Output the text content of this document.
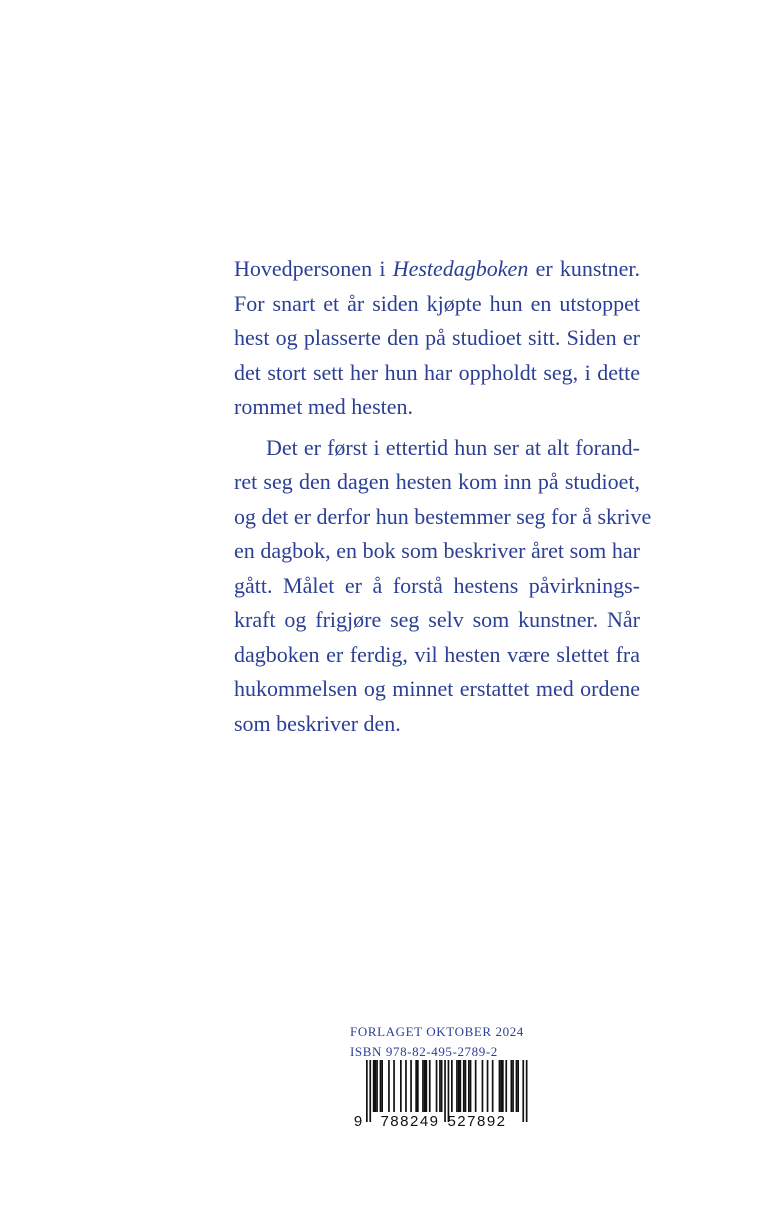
Hovedpersonen i Hestedagboken er kunstner.
For snart et år siden kjøpte hun en utstoppet
hest og plasserte den på studioet sitt. Siden er
det stort sett her hun har oppholdt seg, i dette
rommet med hesten.
Det er først i ettertid hun ser at alt forand-
ret seg den dagen hesten kom inn på studioet,
og det er derfor hun bestemmer seg for å skrive
en dagbok, en bok som beskriver året som har
gått. Målet er å forstå hestens påvirknings-
kraft og frigjøre seg selv som kunstner. Når
dagboken er ferdig, vil hesten være slettet fra
hukommelsen og minnet erstattet med ordene
som beskriver den.
FORLAGET OKTOBER 2024
ISBN 978-82-495-2789-2
9 788249 527892
